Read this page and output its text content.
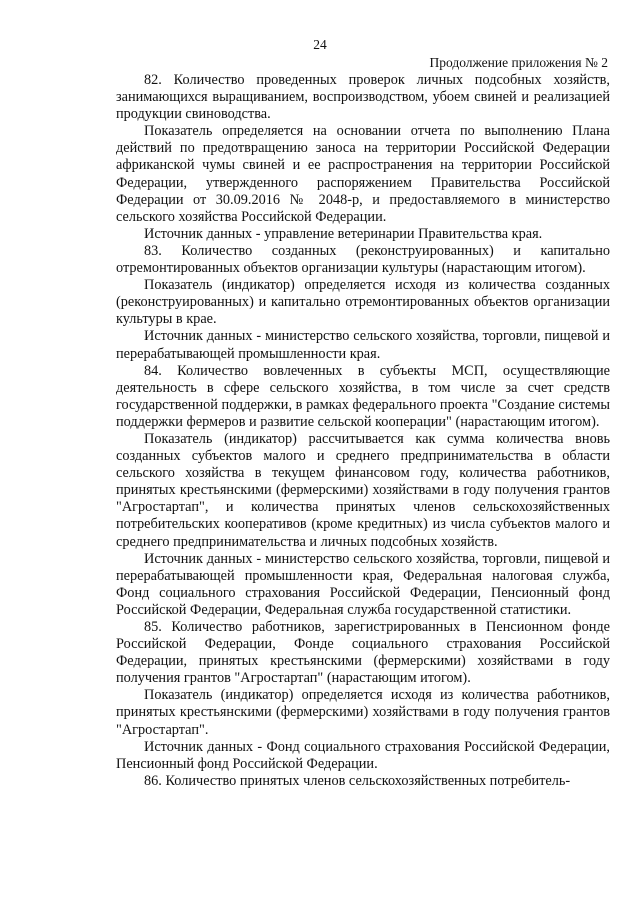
24
Продолжение приложения № 2

82. Количество проведенных проверок личных подсобных хозяйств, занимающихся выращиванием, воспроизводством, убоем свиней и реализацией продукции свиноводства.

Показатель определяется на основании отчета по выполнению Плана действий по предотвращению заноса на территории Российской Федерации африканской чумы свиней и ее распространения на территории Российской Федерации, утвержденного распоряжением Правительства Российской Федерации от 30.09.2016 № 2048-р, и предоставляемого в министерство сельского хозяйства Российской Федерации.

Источник данных - управление ветеринарии Правительства края.

83. Количество созданных (реконструированных) и капитально отремонтированных объектов организации культуры (нарастающим итогом).

Показатель (индикатор) определяется исходя из количества созданных (реконструированных) и капитально отремонтированных объектов организации культуры в крае.

Источник данных - министерство сельского хозяйства, торговли, пищевой и перерабатывающей промышленности края.

84. Количество вовлеченных в субъекты МСП, осуществляющие деятельность в сфере сельского хозяйства, в том числе за счет средств государственной поддержки, в рамках федерального проекта "Создание системы поддержки фермеров и развитие сельской кооперации" (нарастающим итогом).

Показатель (индикатор) рассчитывается как сумма количества вновь созданных субъектов малого и среднего предпринимательства в области сельского хозяйства в текущем финансовом году, количества работников, принятых крестьянскими (фермерскими) хозяйствами в году получения грантов "Агростартап", и количества принятых членов сельскохозяйственных потребительских кооперативов (кроме кредитных) из числа субъектов малого и среднего предпринимательства и личных подсобных хозяйств.

Источник данных - министерство сельского хозяйства, торговли, пищевой и перерабатывающей промышленности края, Федеральная налоговая служба, Фонд социального страхования Российской Федерации, Пенсионный фонд Российской Федерации, Федеральная служба государственной статистики.

85. Количество работников, зарегистрированных в Пенсионном фонде Российской Федерации, Фонде социального страхования Российской Федерации, принятых крестьянскими (фермерскими) хозяйствами в году получения грантов "Агростартап" (нарастающим итогом).

Показатель (индикатор) определяется исходя из количества работников, принятых крестьянскими (фермерскими) хозяйствами в году получения грантов "Агростартап".

Источник данных - Фонд социального страхования Российской Федерации, Пенсионный фонд Российской Федерации.

86. Количество принятых членов сельскохозяйственных потребитель-
